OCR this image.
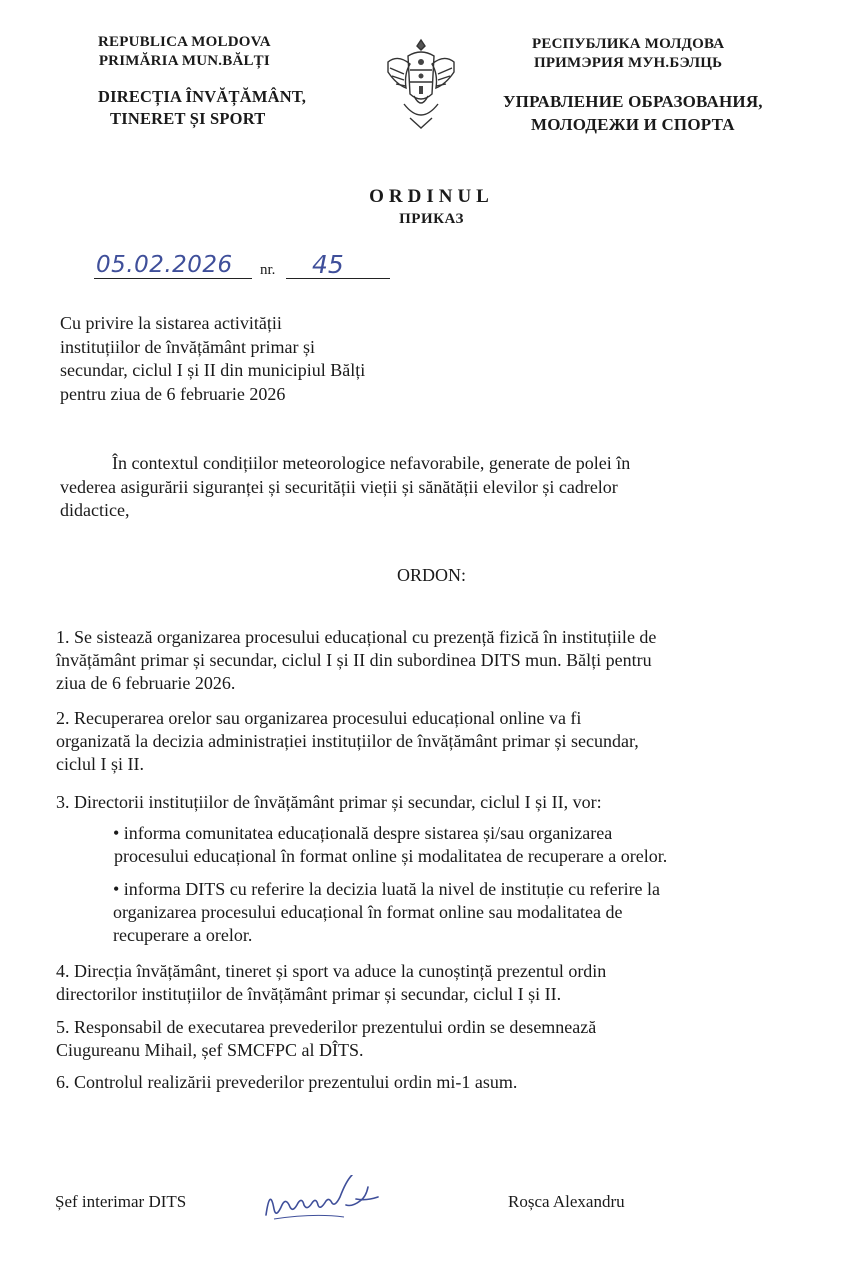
REPUBLICA MOLDOVA
PRIMĂRIA MUN.BĂLȚI
DIRECȚIA ÎNVĂȚĂMÂNT,
TINERET ȘI SPORT
РЕСПУБЛИКА МОЛДОВА
ПРИМЭРИЯ МУН.БЭЛЦЬ
УПРАВЛЕНИЕ ОБРАЗОВАНИЯ,
МОЛОДЕЖИ И СПОРТА
ORDINUL
ПРИКАЗ
05.02.2026 nr. 45
Cu privire la sistarea activității
instituțiilor de învățământ primar și
secundar, ciclul I și II din municipiul Bălți
pentru ziua de 6 februarie 2026
În contextul condițiilor meteorologice nefavorabile, generate de polei în
vederea asigurării siguranței și securității vieții și sănătății elevilor și cadrelor
didactice,
ORDON:
1. Se sistează organizarea procesului educațional cu prezență fizică în instituțiile de
învățământ primar și secundar, ciclul I și II din subordinea DITS mun. Bălți pentru
ziua de 6 februarie 2026.
2. Recuperarea orelor sau organizarea procesului educațional online va fi
organizată la decizia administrației instituțiilor de învățământ primar și secundar,
ciclul I și II.
3. Directorii instituțiilor de învățământ primar și secundar, ciclul I și II, vor:
• informa comunitatea educațională despre sistarea și/sau organizarea
procesului educațional în format online și modalitatea de recuperare a orelor.
• informa DITS cu referire la decizia luată la nivel de instituție cu referire la
organizarea procesului educațional în format online sau modalitatea de
recuperare a orelor.
4. Direcția învățământ, tineret și sport va aduce la cunoștință prezentul ordin
directorilor instituțiilor de învățământ primar și secundar, ciclul I și II.
5. Responsabil de executarea prevederilor prezentului ordin se desemnează
Ciugureanu Mihail, șef SMCFPC al DÎTS.
6. Controlul realizării prevederilor prezentului ordin mi-1 asum.
Șef interimar DITS	Roșca Alexandru
